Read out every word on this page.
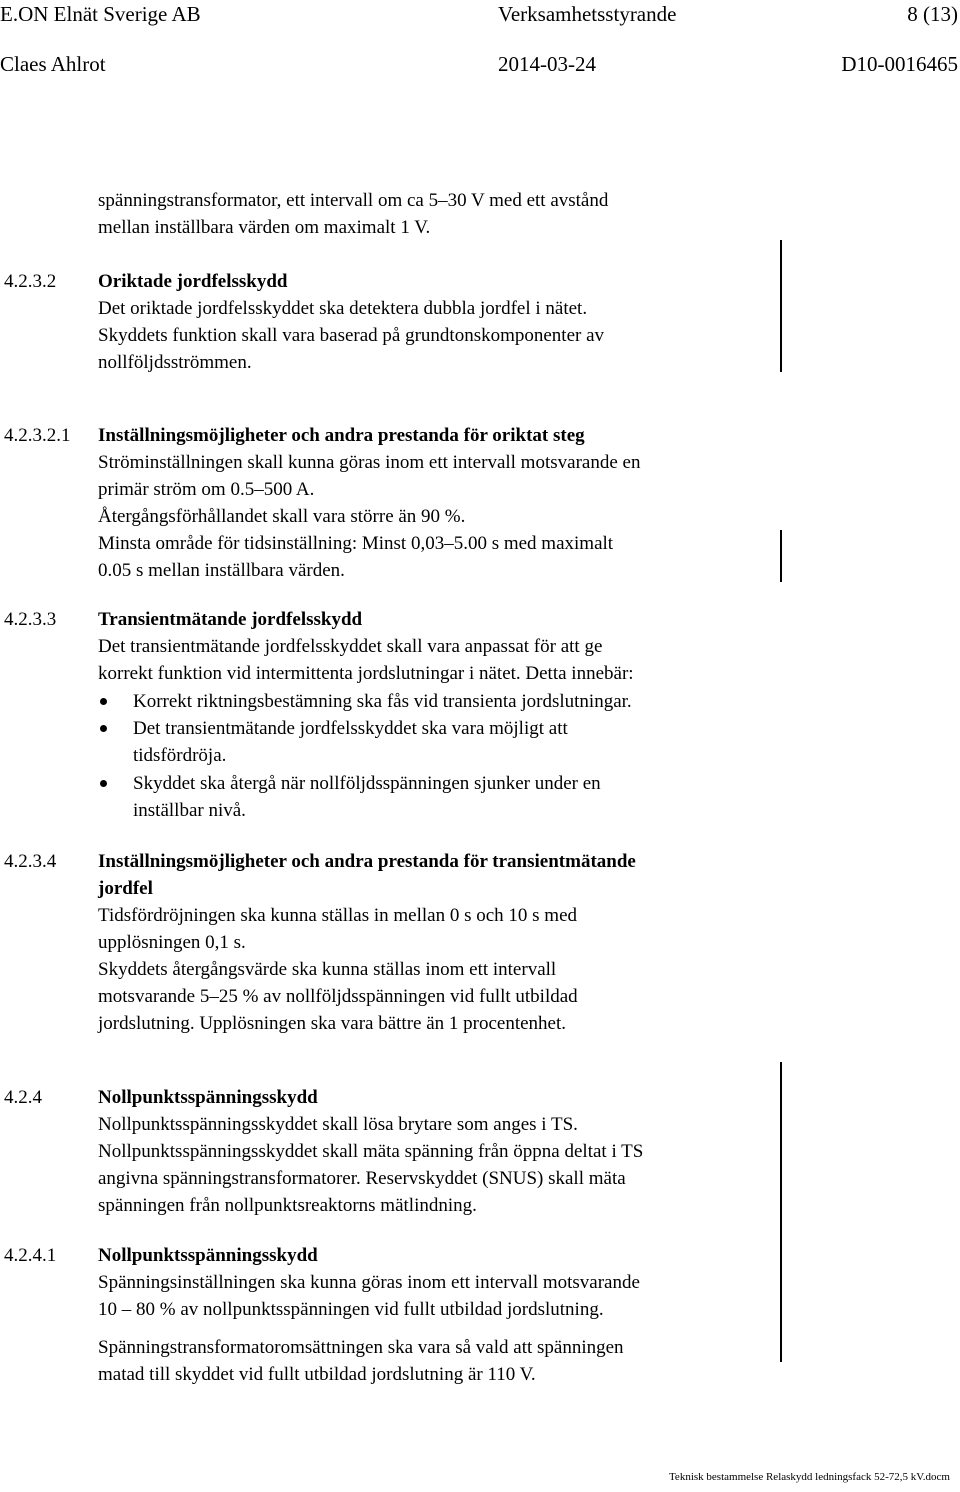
E.ON Elnät Sverige AB	Verksamhetsstyrande	8 (13)
Claes Ahlrot	2014-03-24	D10-0016465
spänningstransformator, ett intervall om ca 5–30 V med ett avstånd
mellan inställbara värden om maximalt 1 V.
4.2.3.2 Oriktade jordfelsskydd
Det oriktade jordfelsskyddet ska detektera dubbla jordfel i nätet.
Skyddets funktion skall vara baserad på grundtonskomponenter av
nollföljdsströmmen.
4.2.3.2.1 Inställningsmöjligheter och andra prestanda för oriktat steg
Ströminställningen skall kunna göras inom ett intervall motsvarande en
primär ström om 0.5–500 A.
Återgångsförhållandet skall vara större än 90 %.
Minsta område för tidsinställning: Minst 0,03–5.00 s med maximalt
0.05 s mellan inställbara värden.
4.2.3.3 Transientmätande jordfelsskydd
Det transientmätande jordfelsskyddet skall vara anpassat för att ge
korrekt funktion vid intermittenta jordslutningar i nätet. Detta innebär:
Korrekt riktningsbestämning ska fås vid transienta jordslutningar.
Det transientmätande jordfelsskyddet ska vara möjligt att
tidsfördröja.
Skyddet ska återgå när nollföljdsspänningen sjunker under en
inställbar nivå.
4.2.3.4 Inställningsmöjligheter och andra prestanda för transientmätande
jordfel
Tidsfördröjningen ska kunna ställas in mellan 0 s och 10 s med
upplösningen 0,1 s.
Skyddets återgångsvärde ska kunna ställas inom ett intervall
motsvarande 5–25 % av nollföljdsspänningen vid fullt utbildad
jordslutning. Upplösningen ska vara bättre än 1 procentenhet.
4.2.4	Nollpunktsspänningsskydd
Nollpunktsspänningsskyddet skall lösa brytare som anges i TS.
Nollpunktsspänningsskyddet skall mäta spänning från öppna deltat i TS
angivna spänningstransformatorer. Reservskyddet (SNUS) skall mäta
spänningen från nollpunktsreaktorns mätlindning.
4.2.4.1 Nollpunktsspänningsskydd
Spänningsinställningen ska kunna göras inom ett intervall motsvarande
10 – 80 % av nollpunktsspänningen vid fullt utbildad jordslutning.
Spänningstransformatoromsättningen ska vara så vald att spänningen
matad till skyddet vid fullt utbildad jordslutning är 110 V.
Teknisk bestammelse Relaskydd ledningsfack 52-72,5 kV.docm
